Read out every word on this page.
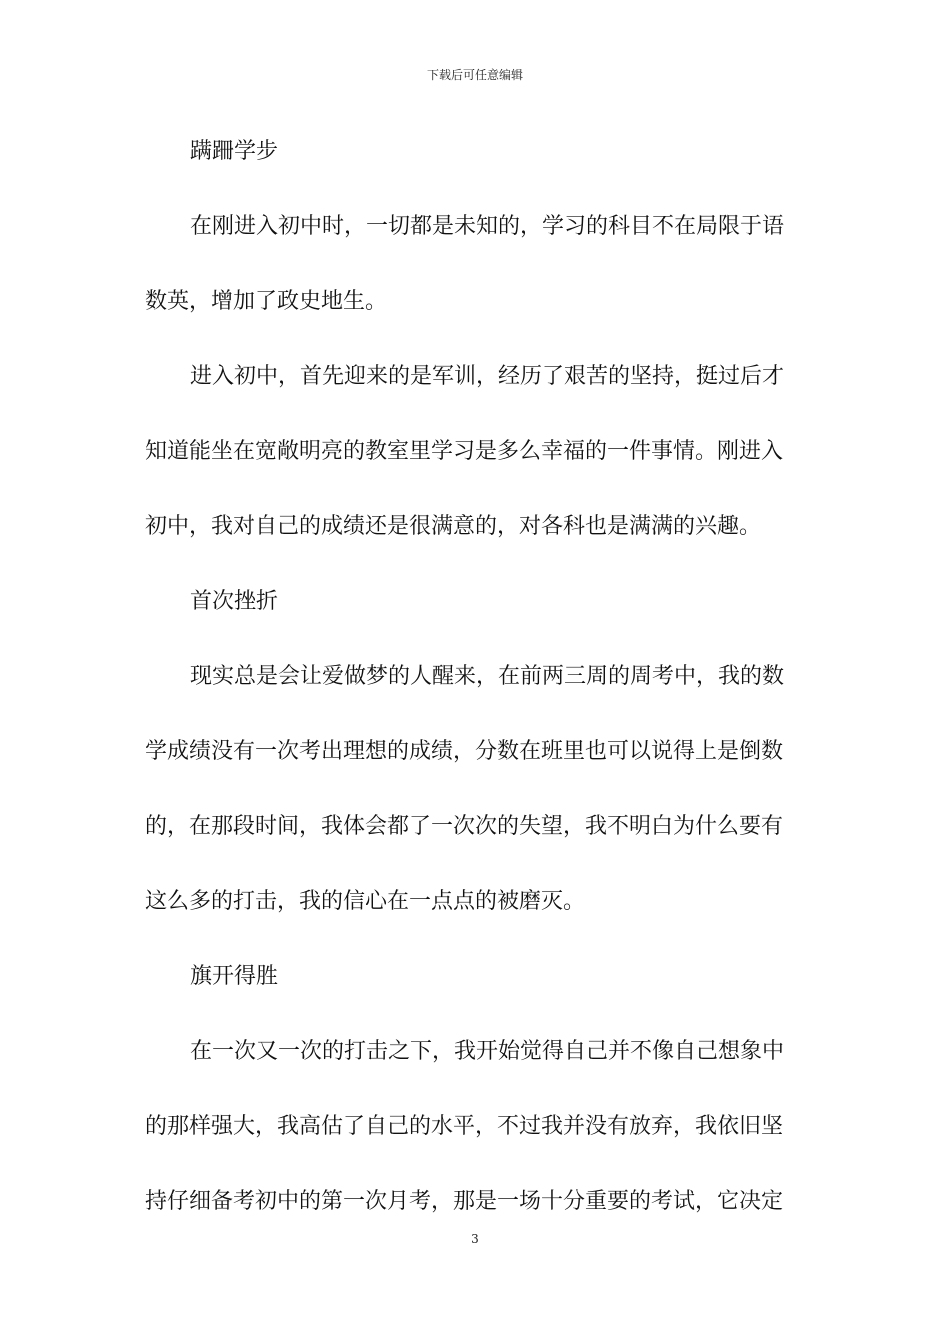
下载后可任意编辑
蹒跚学步
在刚进入初中时，一切都是未知的，学习的科目不在局限于语
数英，增加了政史地生。
进入初中，首先迎来的是军训，经历了艰苦的坚持，挺过后才
知道能坐在宽敞明亮的教室里学习是多么幸福的一件事情。刚进入
初中，我对自己的成绩还是很满意的，对各科也是满满的兴趣。
首次挫折
现实总是会让爱做梦的人醒来，在前两三周的周考中，我的数
学成绩没有一次考出理想的成绩，分数在班里也可以说得上是倒数
的，在那段时间，我体会都了一次次的失望，我不明白为什么要有
这么多的打击，我的信心在一点点的被磨灭。
旗开得胜
在一次又一次的打击之下，我开始觉得自己并不像自己想象中
的那样强大，我高估了自己的水平，不过我并没有放弃，我依旧坚
持仔细备考初中的第一次月考，那是一场十分重要的考试，它决定
3
